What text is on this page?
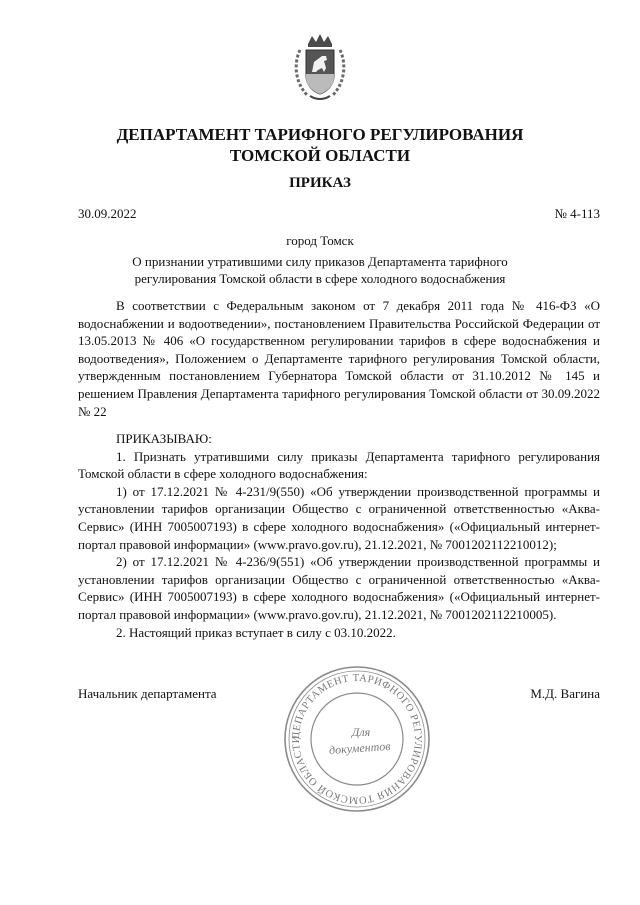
ДЕПАРТАМЕНТ ТАРИФНОГО РЕГУЛИРОВАНИЯ
ТОМСКОЙ ОБЛАСТИ
ПРИКАЗ
30.09.2022	№ 4-113
город Томск
О признании утратившими силу приказов Департамента тарифного
регулирования Томской области в сфере холодного водоснабжения

В соответствии с Федеральным законом от 7 декабря 2011 года № 416-ФЗ «О водоснабжении и водоотведении», постановлением Правительства Российской Федерации от 13.05.2013 № 406 «О государственном регулировании тарифов в сфере водоснабжения и водоотведения», Положением о Департаменте тарифного регулирования Томской области, утвержденным постановлением Губернатора Томской области от 31.10.2012 № 145 и решением Правления Департамента тарифного регулирования Томской области от 30.09.2022 № 22

ПРИКАЗЫВАЮ:

1. Признать утратившими силу приказы Департамента тарифного регулирования Томской области в сфере холодного водоснабжения:

1) от 17.12.2021 № 4-231/9(550) «Об утверждении производственной программы и установлении тарифов организации Общество с ограниченной ответственностью «Аква-Сервис» (ИНН 7005007193) в сфере холодного водоснабжения» («Официальный интернет-портал правовой информации» (www.pravo.gov.ru), 21.12.2021, № 7001202112210012);

2) от 17.12.2021 № 4-236/9(551) «Об утверждении производственной программы и установлении тарифов организации Общество с ограниченной ответственностью «Аква-Сервис» (ИНН 7005007193) в сфере холодного водоснабжения» («Официальный интернет-портал правовой информации» (www.pravo.gov.ru), 21.12.2021, № 7001202112210005).

2. Настоящий приказ вступает в силу с 03.10.2022.

Начальник департамента	М.Д. Вагина
ДЕПАРТАМЕНТ ТАРИФНОГО РЕГУЛИРОВАНИЯ ТОМСКОЙ ОБЛАСТИ
Для
документов
